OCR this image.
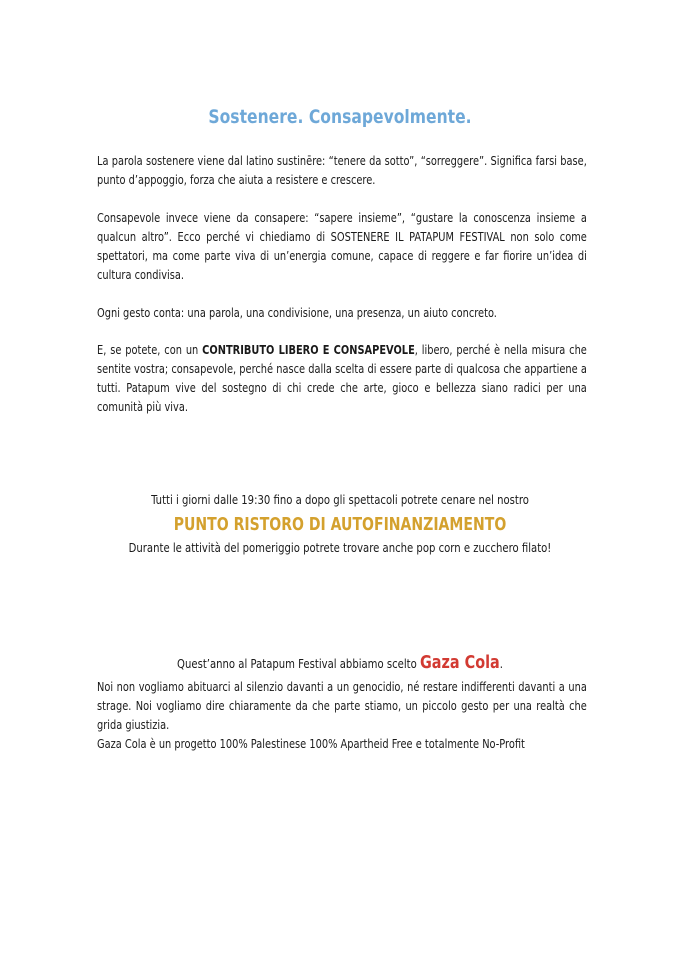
Sostenere. Consapevolmente.
La parola sostenere viene dal latino sustinēre: “tenere da sotto”, “sorreggere”. Significa farsi base, punto d’appoggio, forza che aiuta a resistere e crescere.
Consapevole invece viene da consapere: “sapere insieme”, “gustare la conoscenza insieme a qualcun altro”. Ecco perché vi chiediamo di SOSTENERE IL PATAPUM FESTIVAL non solo come spettatori, ma come parte viva di un’energia comune, capace di reggere e far fiorire un’idea di cultura condivisa.
Ogni gesto conta: una parola, una condivisione, una presenza, un aiuto concreto.
E, se potete, con un CONTRIBUTO LIBERO E CONSAPEVOLE, libero, perché è nella misura che sentite vostra; consapevole, perché nasce dalla scelta di essere parte di qualcosa che appartiene a tutti. Patapum vive del sostegno di chi crede che arte, gioco e bellezza siano radici per una comunità più viva.
Tutti i giorni dalle 19:30 fino a dopo gli spettacoli potrete cenare nel nostro
PUNTO RISTORO DI AUTOFINANZIAMENTO
Durante le attività del pomeriggio potrete trovare anche pop corn e zucchero filato!
Quest’anno al Patapum Festival abbiamo scelto Gaza Cola.
Noi non vogliamo abituarci al silenzio davanti a un genocidio, né restare indifferenti davanti a una strage. Noi vogliamo dire chiaramente da che parte stiamo, un piccolo gesto per una realtà che grida giustizia.
Gaza Cola è un progetto 100% Palestinese 100% Apartheid Free e totalmente No-Profit
